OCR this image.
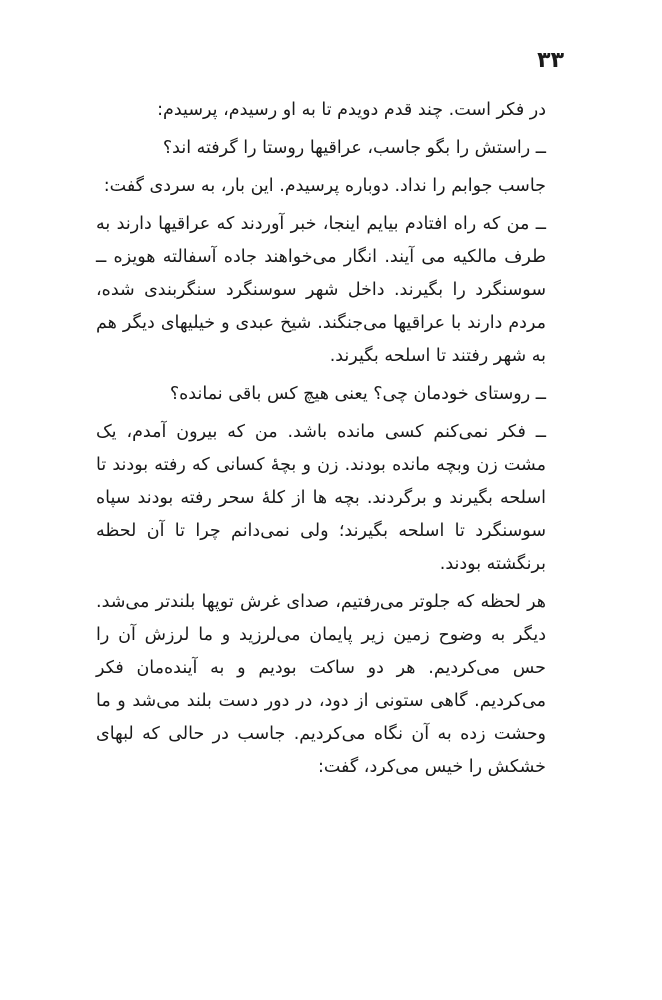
۳۳

در فکر است. چند قدم دویدم تا به او رسیدم، پرسیدم:

ــ راستش را بگو جاسب، عراقیها روستا را گرفته اند؟

جاسب جوابم را نداد. دوباره پرسیدم. این بار، به سردی گفت:

ــ من که راه افتادم بیایم اینجا، خبر آوردند که عراقیها دارند به طرف مالکیه می آیند. انگار می‌خواهند جاده آسفالته هویزه ــ سوسنگرد را بگیرند. داخل شهر سوسنگرد سنگربندی شده، مردم دارند با عراقیها می‌جنگند. شیخ عبدی و خیلیهای دیگر هم به شهر رفتند تا اسلحه بگیرند.

ــ روستای خودمان چی؟ یعنی هیچ کس باقی نمانده؟

ــ فکر نمی‌کنم کسی مانده باشد. من که بیرون آمدم، یک مشت زن وبچه مانده بودند. زن و بچهٔ کسانی که رفته بودند تا اسلحه بگیرند و برگردند. بچه ها از کلهٔ سحر رفته بودند سپاه سوسنگرد تا اسلحه بگیرند؛ ولی نمی‌دانم چرا تا آن لحظه برنگشته بودند.

هر لحظه که جلوتر می‌رفتیم، صدای غرش توپها بلندتر می‌شد. دیگر به وضوح زمین زیر پایمان می‌لرزید و ما لرزش آن را حس می‌کردیم. هر دو ساکت بودیم و به آینده‌مان فکر می‌کردیم. گاهی ستونی از دود، در دور دست بلند می‌شد و ما وحشت زده به آن نگاه می‌کردیم. جاسب در حالی که لبهای خشکش را خیس می‌کرد، گفت:
